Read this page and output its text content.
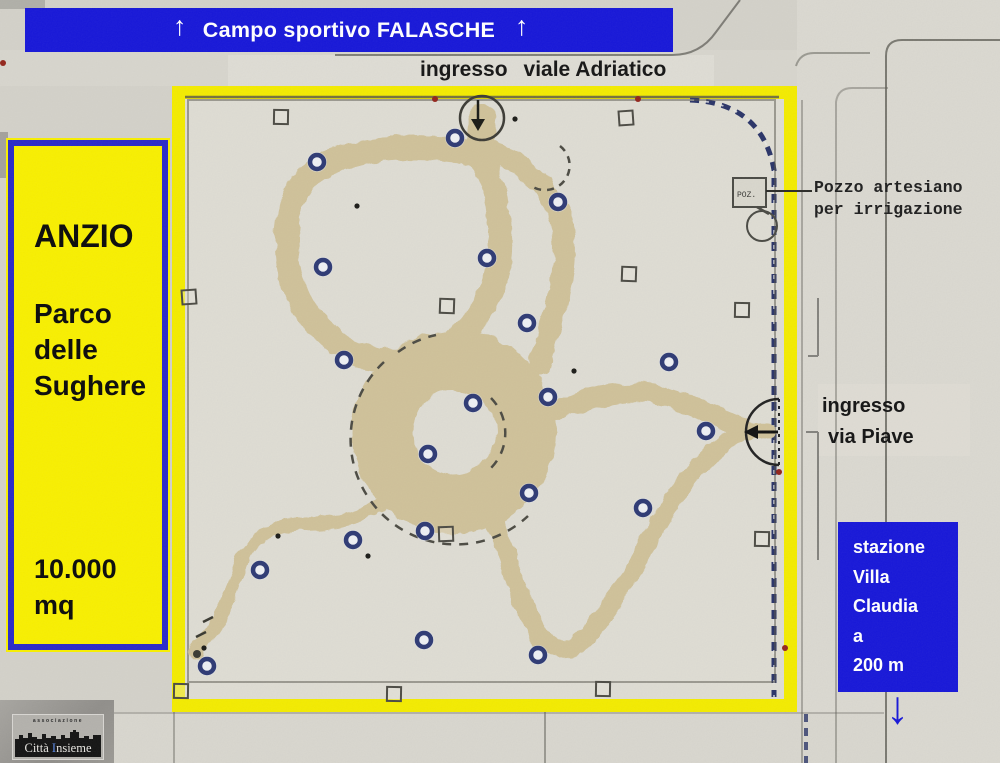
POZ.
↑ Campo sportivo FALASCHE ↑
ingresso viale Adriatico
ANZIO
Parco
delle
Sughere
10.000
mq
Pozzo artesiano
per irrigazione
ingresso
via Piave
stazione
Villa
Claudia
a
200 m
↓
associazione
Città Insieme
